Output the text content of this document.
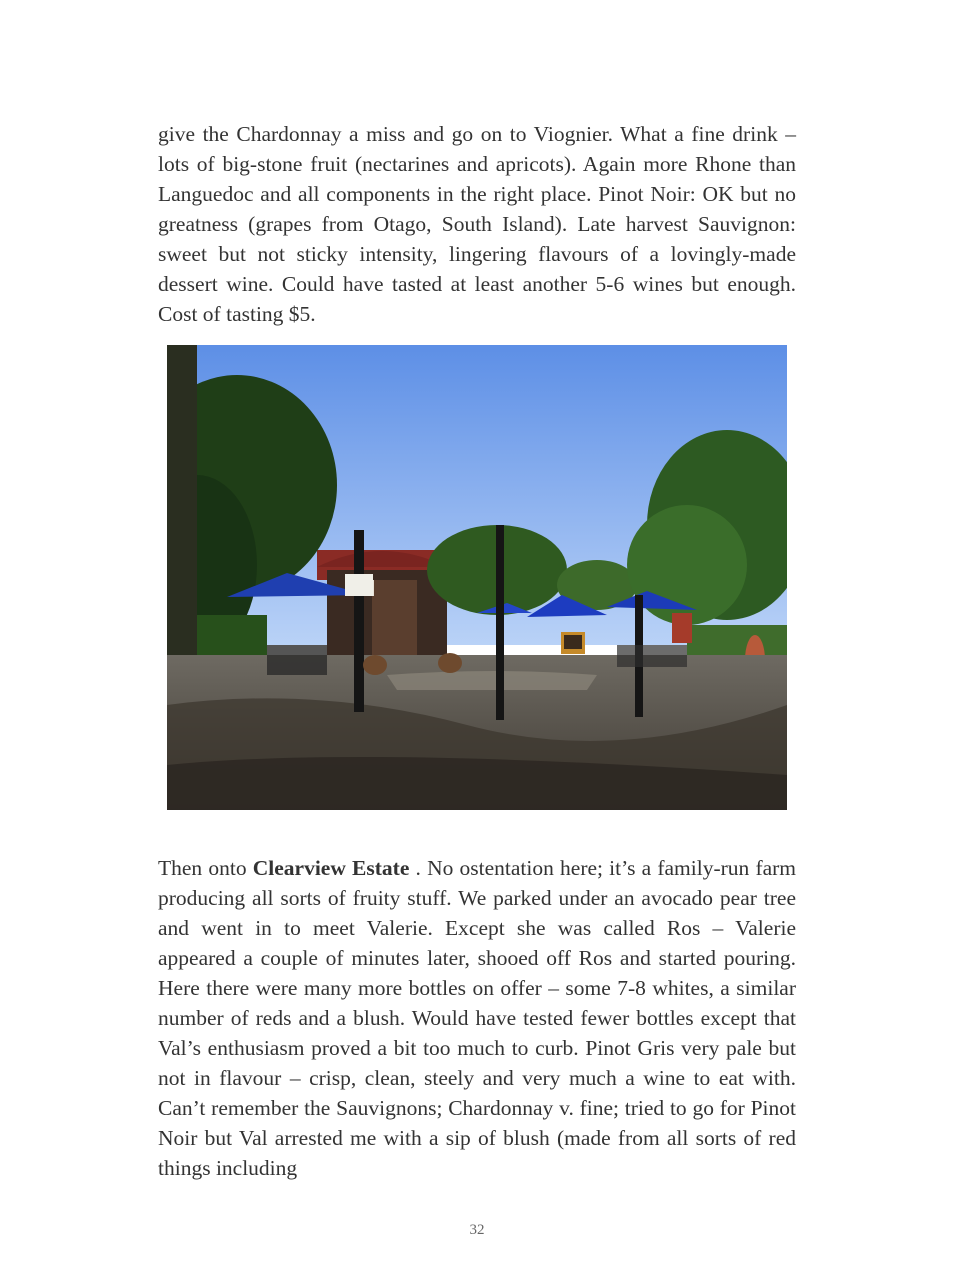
give the Chardonnay a miss and go on to Viognier. What a fine drink – lots of big-stone fruit (nectarines and apricots). Again more Rhone than Languedoc and all components in the right place. Pinot Noir: OK but no greatness (grapes from Otago, South Island). Late harvest Sauvignon: sweet but not sticky intensity, lingering flavours of a lovingly-made dessert wine. Could have tasted at least another 5-6 wines but enough. Cost of tasting $5.

Then onto Clearview Estate . No ostentation here; it’s a family-run farm producing all sorts of fruity stuff. We parked under an avocado pear tree and went in to meet Valerie. Except she was called Ros – Valerie appeared a couple of minutes later, shooed off Ros and started pouring. Here there were many more bottles on offer – some 7-8 whites, a similar number of reds and a blush. Would have tested fewer bottles except that Val’s enthusiasm proved a bit too much to curb. Pinot Gris very pale but not in flavour – crisp, clean, steely and very much a wine to eat with. Can’t remember the Sauvignons; Chardonnay v. fine; tried to go for Pinot Noir but Val arrested me with a sip of blush (made from all sorts of red things including

32
